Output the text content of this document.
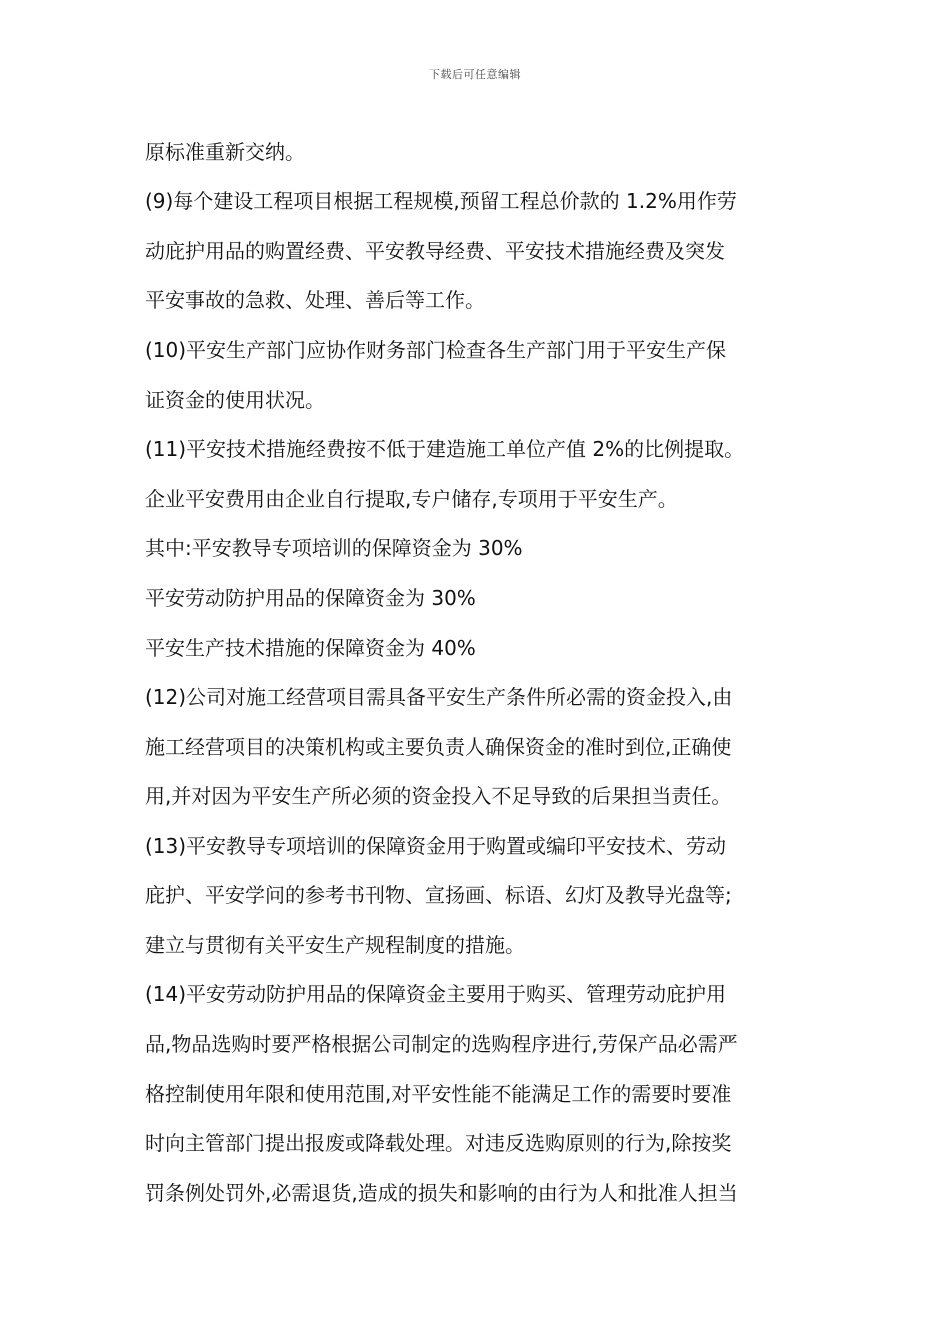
下载后可任意编辑
原标准重新交纳。
(9)每个建设工程项目根据工程规模,预留工程总价款的 1.2%用作劳
动庇护用品的购置经费、平安教导经费、平安技术措施经费及突发
平安事故的急救、处理、善后等工作。
(10)平安生产部门应协作财务部门检查各生产部门用于平安生产保
证资金的使用状况。
(11)平安技术措施经费按不低于建造施工单位产值 2%的比例提取。
企业平安费用由企业自行提取,专户储存,专项用于平安生产。
其中:平安教导专项培训的保障资金为 30%
平安劳动防护用品的保障资金为 30%
平安生产技术措施的保障资金为 40%
(12)公司对施工经营项目需具备平安生产条件所必需的资金投入,由
施工经营项目的决策机构或主要负责人确保资金的准时到位,正确使
用,并对因为平安生产所必须的资金投入不足导致的后果担当责任。
(13)平安教导专项培训的保障资金用于购置或编印平安技术、劳动
庇护、平安学问的参考书刊物、宣扬画、标语、幻灯及教导光盘等;
建立与贯彻有关平安生产规程制度的措施。
(14)平安劳动防护用品的保障资金主要用于购买、管理劳动庇护用
品,物品选购时要严格根据公司制定的选购程序进行,劳保产品必需严
格控制使用年限和使用范围,对平安性能不能满足工作的需要时要准
时向主管部门提出报废或降载处理。对违反选购原则的行为,除按奖
罚条例处罚外,必需退货,造成的损失和影响的由行为人和批准人担当
